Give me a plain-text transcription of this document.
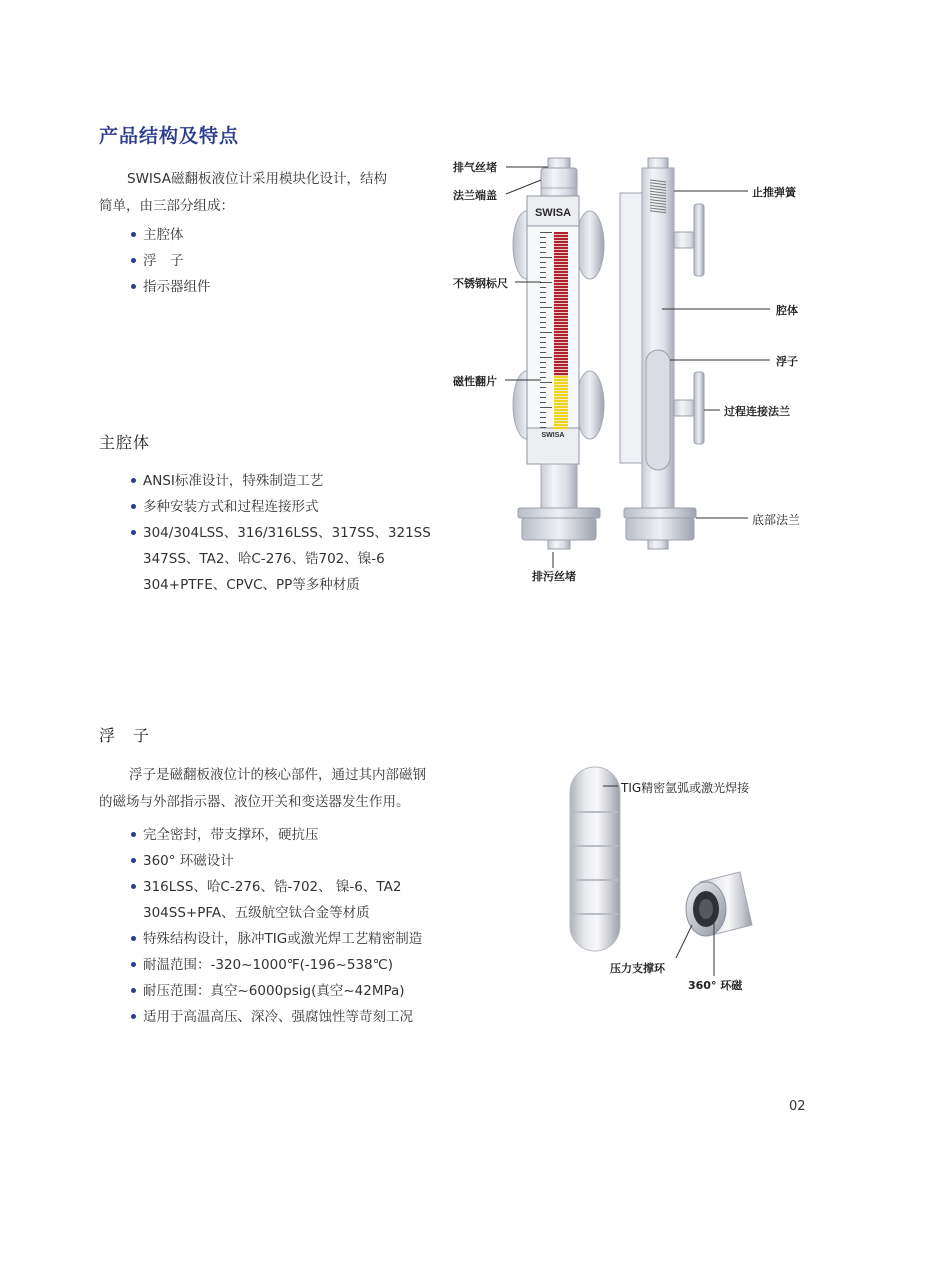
产品结构及特点
SWISA磁翻板液位计采用模块化设计，结构
简单，由三部分组成：
主腔体
浮　子
指示器组件
主腔体
ANSI标准设计，特殊制造工艺
多种安装方式和过程连接形式
304/304LSS、316/316LSS、317SS、321SS
347SS、TA2、哈C-276、锆702、镍-6
304+PTFE、CPVC、PP等多种材质
SWISA
SWISA
排气丝堵
法兰端盖
不锈钢标尺
磁性翻片
排污丝堵
止推弹簧
腔体
浮子
过程连接法兰
底部法兰
浮　子
浮子是磁翻板液位计的核心部件，通过其内部磁钢
的磁场与外部指示器、液位开关和变送器发生作用。
完全密封，带支撑环，硬抗压
360° 环磁设计
316LSS、哈C-276、锆-702、 镍-6、TA2
304SS+PFA、五级航空钛合金等材质
特殊结构设计，脉冲TIG或激光焊工艺精密制造
耐温范围：-320~1000℉(-196~538℃)
耐压范围：真空~6000psig(真空~42MPa)
适用于高温高压、深冷、强腐蚀性等苛刻工况
TIG精密氩弧或激光焊接
压力支撑环
360° 环磁
02
